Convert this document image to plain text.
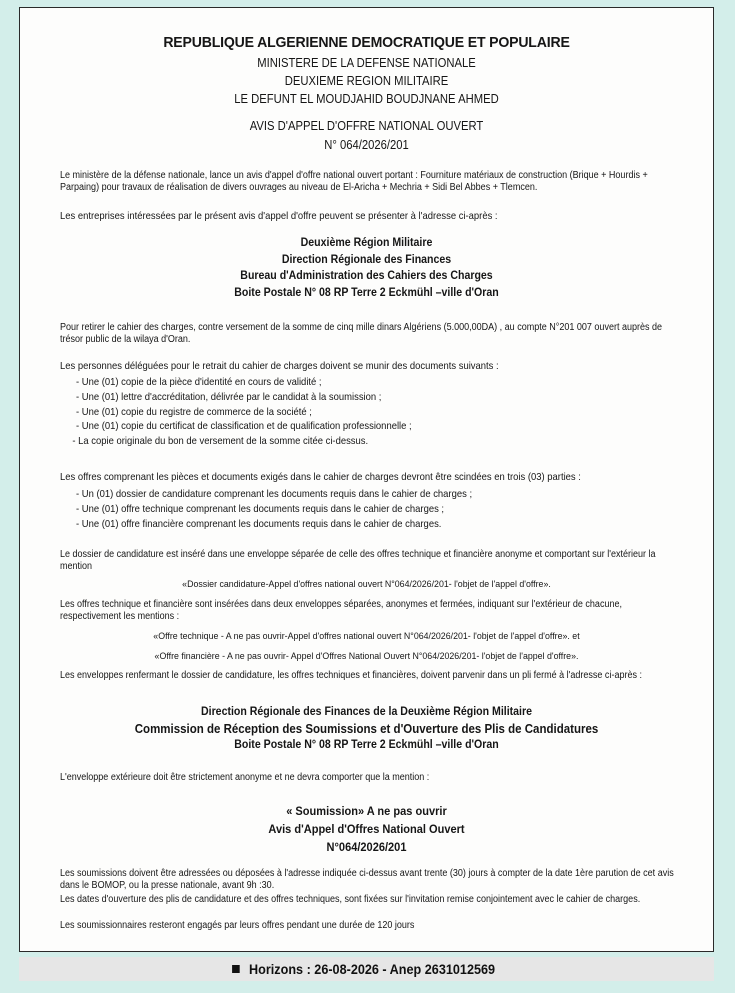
REPUBLIQUE ALGERIENNE DEMOCRATIQUE ET POPULAIRE
MINISTERE DE LA DEFENSE NATIONALE
DEUXIEME REGION MILITAIRE
LE DEFUNT EL MOUDJAHID BOUDJNANE AHMED
AVIS D'APPEL D'OFFRE NATIONAL OUVERT
N° 064/2026/201

Le ministère de la défense nationale, lance un avis d'appel d'offre national ouvert portant : Fourniture matériaux de construction (Brique + Hourdis + Parpaing) pour travaux de réalisation de divers ouvrages au niveau de El-Aricha + Mechria + Sidi Bel Abbes + Tlemcen.

Les entreprises intéressées par le présent avis d'appel d'offre peuvent se présenter à l'adresse ci-après :

Deuxième Région Militaire
Direction Régionale des Finances
Bureau d'Administration des Cahiers des Charges
Boite Postale N° 08 RP Terre 2 Eckmühl –ville d'Oran

Pour retirer le cahier des charges, contre versement de la somme de cinq mille dinars Algériens (5.000,00DA) , au compte N°201 007 ouvert auprès de trésor public de la wilaya d'Oran.

Les personnes déléguées pour le retrait du cahier de charges doivent se munir des documents suivants :

- Une (01) copie de la pièce d'identité en cours de validité ;
- Une (01) lettre d'accréditation, délivrée par le candidat à la soumission ;
- Une (01) copie du registre de commerce de la société ;
- Une (01) copie du certificat de classification et de qualification professionnelle ;
- La copie originale du bon de versement de la somme citée ci-dessus.

Les offres comprenant les pièces et documents exigés dans le cahier de charges devront être scindées en trois (03) parties :

- Un (01) dossier de candidature comprenant les documents requis dans le cahier de charges ;
- Une (01) offre technique comprenant les documents requis dans le cahier de charges ;
- Une (01) offre financière comprenant les documents requis dans le cahier de charges.

Le dossier de candidature est inséré dans une enveloppe séparée de celle des offres technique et financière anonyme et comportant sur l'extérieur la mention

«Dossier candidature-Appel d'offres national ouvert N°064/2026/201- l'objet de l'appel d'offre».

Les offres technique et financière sont insérées dans deux enveloppes séparées, anonymes et fermées, indiquant sur l'extérieur de chacune, respectivement les mentions :

«Offre technique - A ne pas ouvrir-Appel d'offres national ouvert N°064/2026/201- l'objet de l'appel d'offre». et
«Offre financière - A ne pas ouvrir- Appel d'Offres National Ouvert N°064/2026/201- l'objet de l'appel d'offre».

Les enveloppes renfermant le dossier de candidature, les offres techniques et financières, doivent parvenir dans un pli fermé à l'adresse ci-après :

Direction Régionale des Finances de la Deuxième Région Militaire
Commission de Réception des Soumissions et d'Ouverture des Plis de Candidatures
Boite Postale N° 08 RP Terre 2 Eckmühl –ville d'Oran

L'enveloppe extérieure doit être strictement anonyme et ne devra comporter que la mention :

« Soumission» A ne pas ouvrir
Avis d'Appel d'Offres National Ouvert
N°064/2026/201

Les soumissions doivent être adressées ou déposées à l'adresse indiquée ci-dessus avant trente (30) jours à compter de la date 1ère parution de cet avis dans le BOMOP, ou la presse nationale, avant 9h :30.

Les dates d'ouverture des plis de candidature et des offres techniques, sont fixées sur l'invitation remise conjointement avec le cahier de charges.

Les soumissionnaires resteront engagés par leurs offres pendant une durée de 120 jours

Horizons : 26-08-2026 - Anep 2631012569
